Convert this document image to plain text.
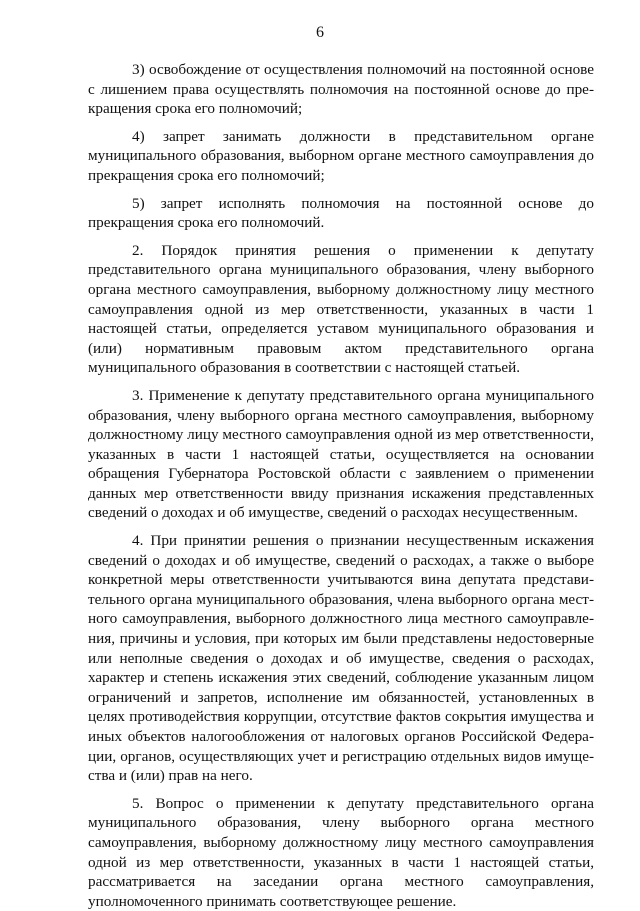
6

3) освобождение от осуществления полномочий на постоянной основе с лишением права осуществлять полномочия на постоянной основе до прекращения срока его полномочий;

4) запрет занимать должности в представительном органе муниципального образования, выборном органе местного самоуправления до прекращения срока его полномочий;

5) запрет исполнять полномочия на постоянной основе до прекращения срока его полномочий.

2. Порядок принятия решения о применении к депутату представительного органа муниципального образования, члену выборного органа местного самоуправления, выборному должностному лицу местного самоуправления одной из мер ответственности, указанных в части 1 настоящей статьи, определяется уставом муниципального образования и (или) нормативным правовым актом представительного органа муниципального образования в соответствии с настоящей статьей.

3. Применение к депутату представительного органа муниципального образования, члену выборного органа местного самоуправления, выборному должностному лицу местного самоуправления одной из мер ответственности, указанных в части 1 настоящей статьи, осуществляется на основании обращения Губернатора Ростовской области с заявлением о применении данных мер ответственности ввиду признания искажения представленных сведений о доходах и об имуществе, сведений о расходах несущественным.

4. При принятии решения о признании несущественным искажения сведений о доходах и об имуществе, сведений о расходах, а также о выборе конкретной меры ответственности учитываются вина депутата представительного органа муниципального образования, члена выборного органа местного самоуправления, выборного должностного лица местного самоуправления, причины и условия, при которых им были представлены недостоверные или неполные сведения о доходах и об имуществе, сведения о расходах, характер и степень искажения этих сведений, соблюдение указанным лицом ограничений и запретов, исполнение им обязанностей, установленных в целях противодействия коррупции, отсутствие фактов сокрытия имущества и иных объектов налогообложения от налоговых органов Российской Федерации, органов, осуществляющих учет и регистрацию отдельных видов имущества и (или) прав на него.

5. Вопрос о применении к депутату представительного органа муниципального образования, члену выборного органа местного самоуправления, выборному должностному лицу местного самоуправления одной из мер ответственности, указанных в части 1 настоящей статьи, рассматривается на заседании органа местного самоуправления, уполномоченного принимать соответствующее решение.
